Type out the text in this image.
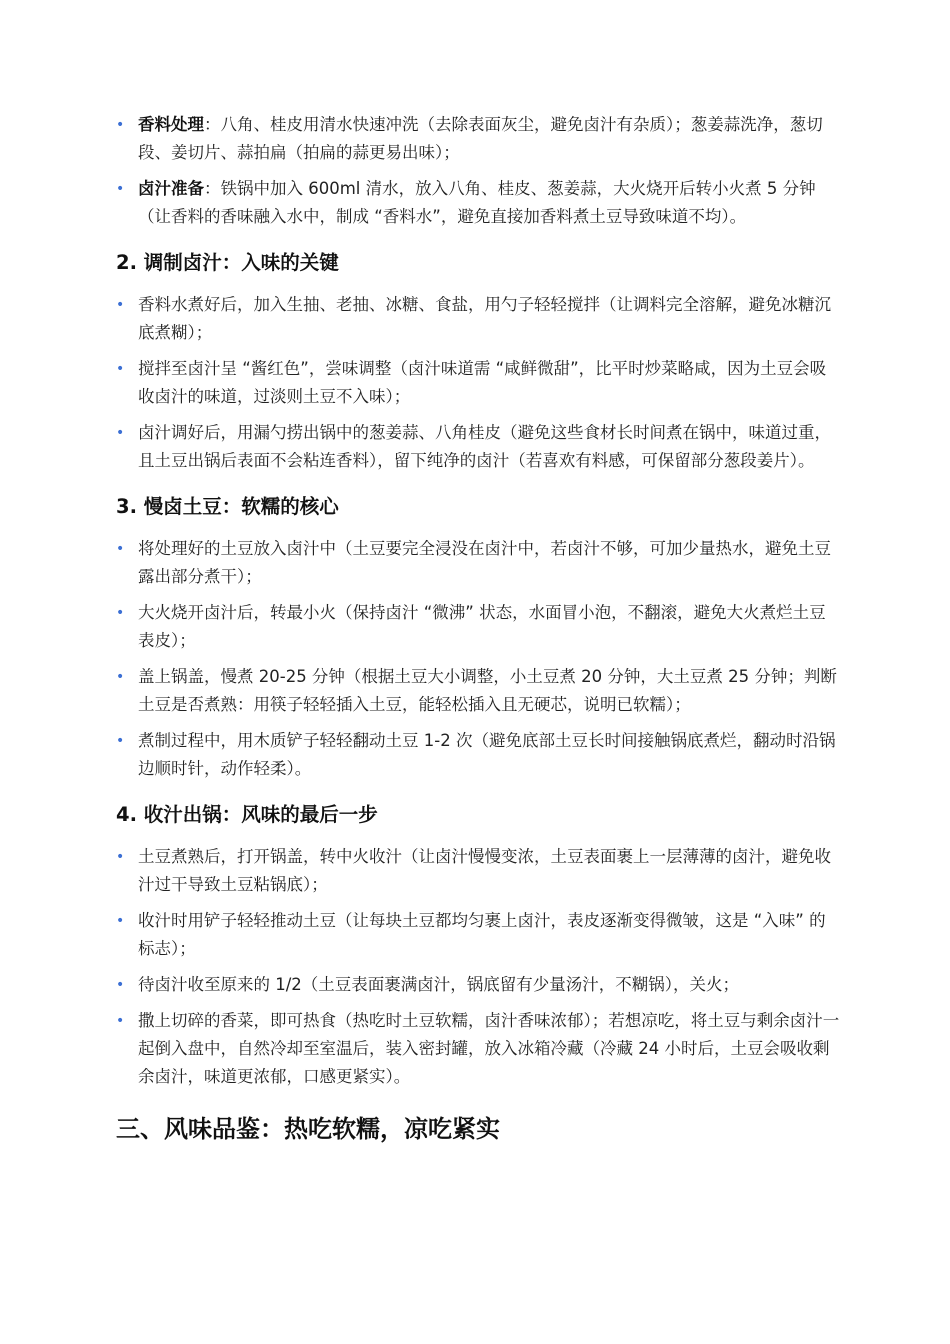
• 香料处理：八角、桂皮用清水快速冲洗（去除表面灰尘，避免卤汁有杂质）；葱姜蒜洗净，葱切段、姜切片、蒜拍扁（拍扁的蒜更易出味）；
• 卤汁准备：铁锅中加入 600ml 清水，放入八角、桂皮、葱姜蒜，大火烧开后转小火煮 5 分钟（让香料的香味融入水中，制成 “香料水”，避免直接加香料煮土豆导致味道不均）。
2. 调制卤汁：入味的关键
• 香料水煮好后，加入生抽、老抽、冰糖、食盐，用勺子轻轻搅拌（让调料完全溶解，避免冰糖沉底煮糊）；
• 搅拌至卤汁呈 “酱红色”，尝味调整（卤汁味道需 “咸鲜微甜”，比平时炒菜略咸，因为土豆会吸收卤汁的味道，过淡则土豆不入味）；
• 卤汁调好后，用漏勺捞出锅中的葱姜蒜、八角桂皮（避免这些食材长时间煮在锅中，味道过重，且土豆出锅后表面不会粘连香料），留下纯净的卤汁（若喜欢有料感，可保留部分葱段姜片）。
3. 慢卤土豆：软糯的核心
• 将处理好的土豆放入卤汁中（土豆要完全浸没在卤汁中，若卤汁不够，可加少量热水，避免土豆露出部分煮干）；
• 大火烧开卤汁后，转最小火（保持卤汁 “微沸” 状态，水面冒小泡，不翻滚，避免大火煮烂土豆表皮）；
• 盖上锅盖，慢煮 20-25 分钟（根据土豆大小调整，小土豆煮 20 分钟，大土豆煮 25 分钟；判断土豆是否煮熟：用筷子轻轻插入土豆，能轻松插入且无硬芯，说明已软糯）；
• 煮制过程中，用木质铲子轻轻翻动土豆 1-2 次（避免底部土豆长时间接触锅底煮烂，翻动时沿锅边顺时针，动作轻柔）。
4. 收汁出锅：风味的最后一步
• 土豆煮熟后，打开锅盖，转中火收汁（让卤汁慢慢变浓，土豆表面裹上一层薄薄的卤汁，避免收汁过干导致土豆粘锅底）；
• 收汁时用铲子轻轻推动土豆（让每块土豆都均匀裹上卤汁，表皮逐渐变得微皱，这是 “入味” 的标志）；
• 待卤汁收至原来的 1/2（土豆表面裹满卤汁，锅底留有少量汤汁，不糊锅），关火；
• 撒上切碎的香菜，即可热食（热吃时土豆软糯，卤汁香味浓郁）；若想凉吃，将土豆与剩余卤汁一起倒入盘中，自然冷却至室温后，装入密封罐，放入冰箱冷藏（冷藏 24 小时后，土豆会吸收剩余卤汁，味道更浓郁，口感更紧实）。
三、风味品鉴：热吃软糯，凉吃紧实
